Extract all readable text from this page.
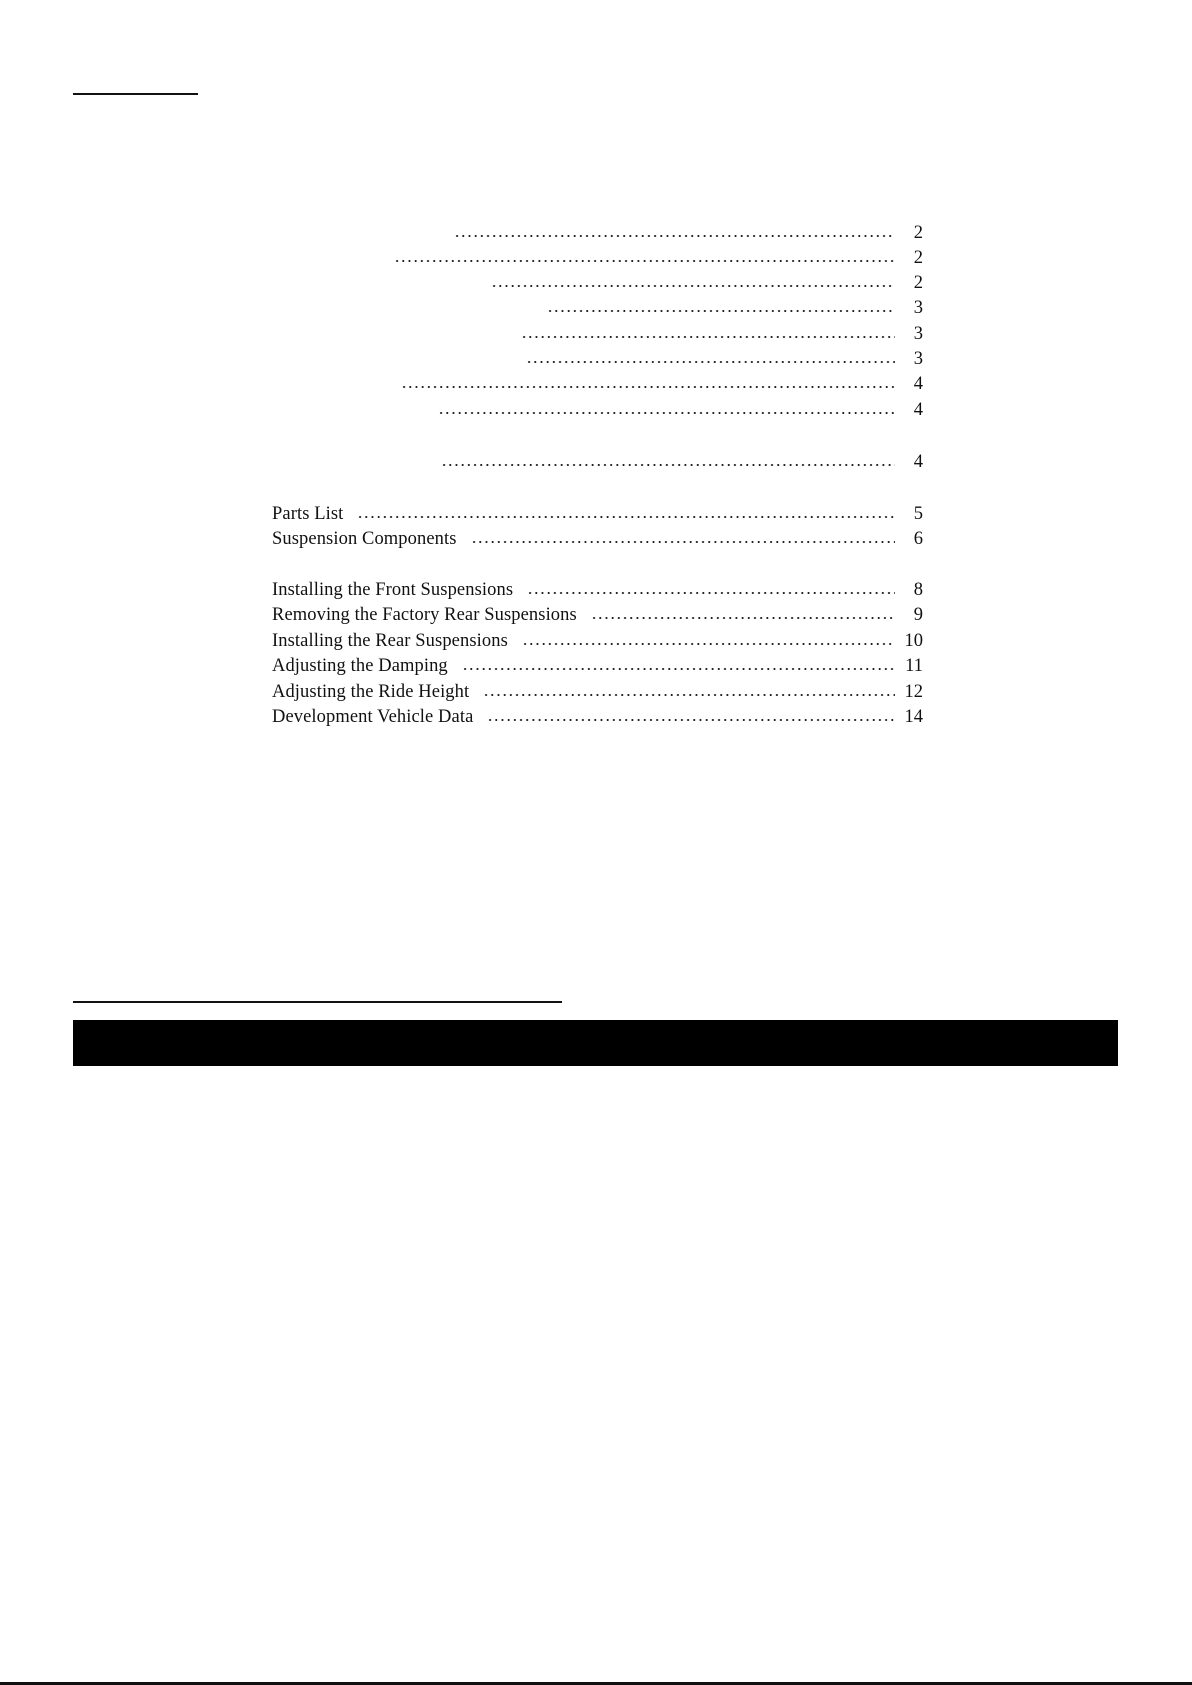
2
2
2
3
3
3
4
4
4
Parts List	5
Suspension Components	6
Installing the Front Suspensions	8
Removing the Factory Rear Suspensions	9
Installing the Rear Suspensions	10
Adjusting the Damping	11
Adjusting the Ride Height	12
Development Vehicle Data	14
